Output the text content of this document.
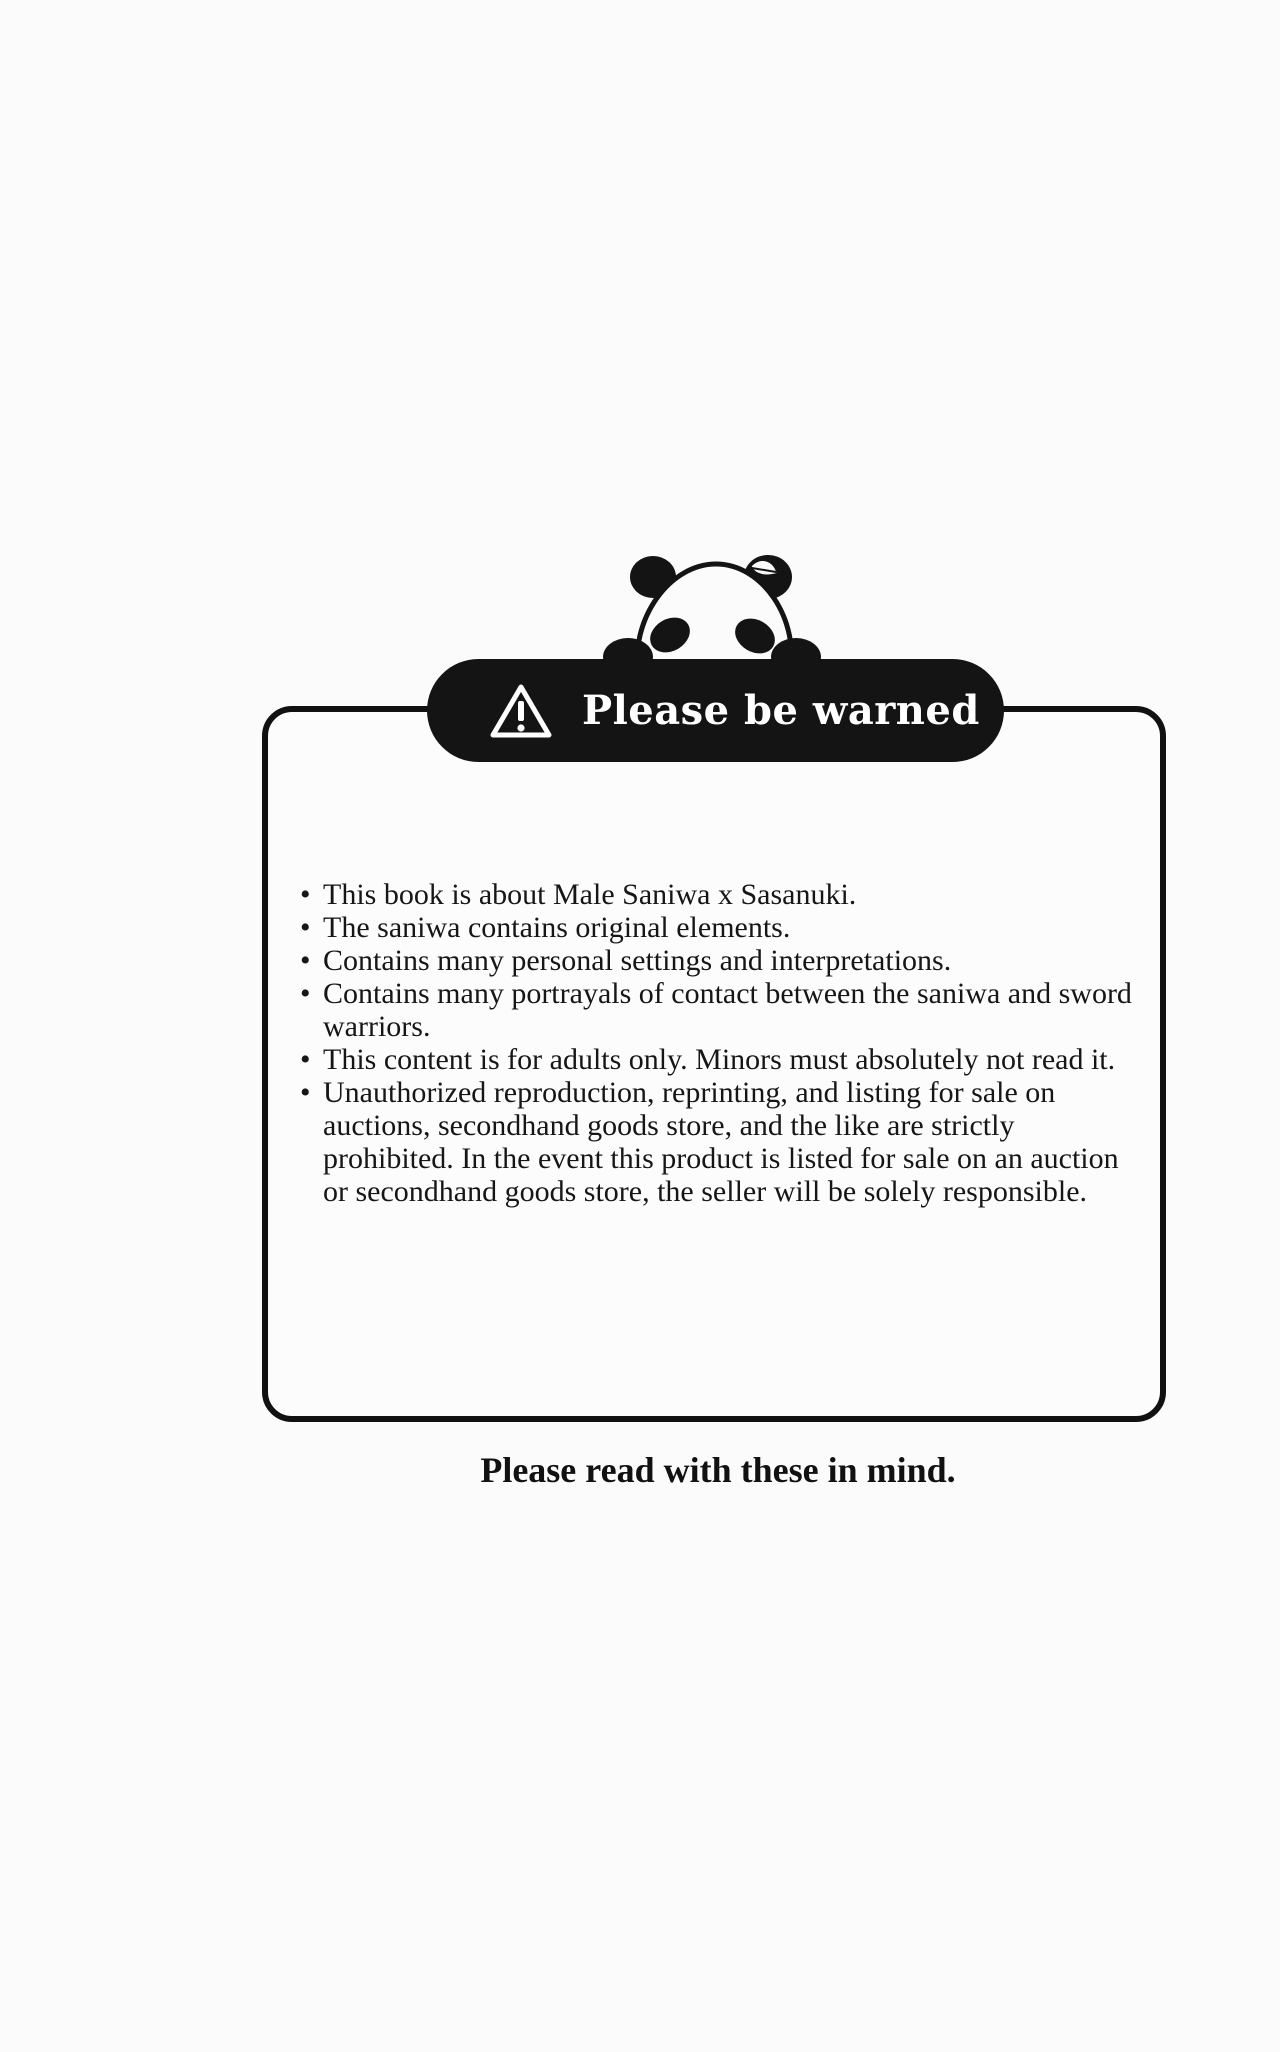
Please be warned
• This book is about Male Saniwa x Sasanuki.
• The saniwa contains original elements.
• Contains many personal settings and interpretations.
• Contains many portrayals of contact between the saniwa and sword warriors.
• This content is for adults only. Minors must absolutely not read it.
• Unauthorized reproduction, reprinting, and listing for sale on auctions, secondhand goods store, and the like are strictly prohibited. In the event this product is listed for sale on an auction or secondhand goods store, the seller will be solely responsible.
Please read with these in mind.
